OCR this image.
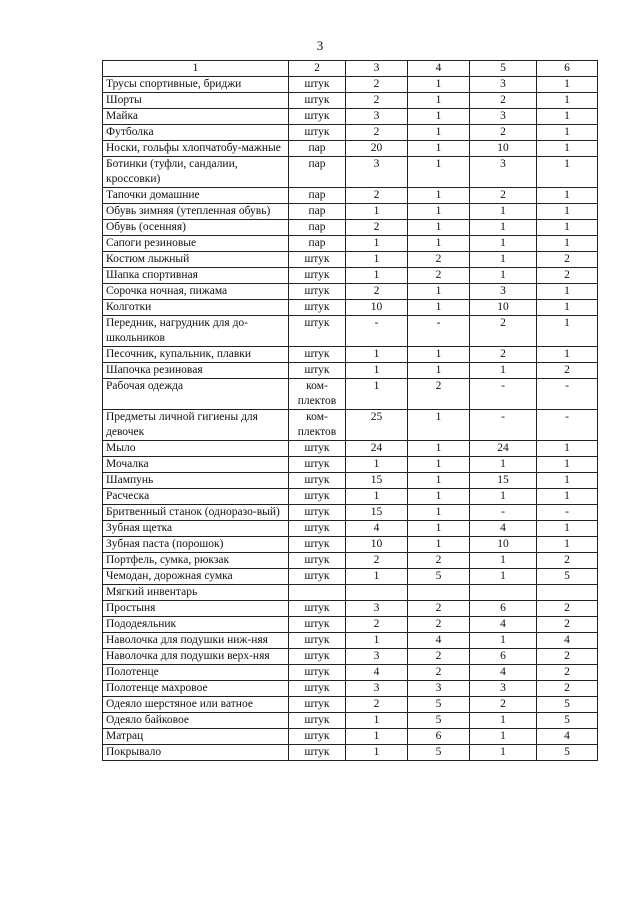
3
1	2	3	4	5	6
Трусы спортивные, бриджи	штук	2	1	3	1
Шорты	штук	2	1	2	1
Майка	штук	3	1	3	1
Футболка	штук	2	1	2	1
Носки, гольфы хлопчатобу-мажные	пар	20	1	10	1
Ботинки (туфли, сандалии, кроссовки)	пар	3	1	3	1
Тапочки домашние	пар	2	1	2	1
Обувь зимняя (утепленная обувь)	пар	1	1	1	1
Обувь (осенняя)	пар	2	1	1	1
Сапоги резиновые	пар	1	1	1	1
Костюм лыжный	штук	1	2	1	2
Шапка спортивная	штук	1	2	1	2
Сорочка ночная, пижама	штук	2	1	3	1
Колготки	штук	10	1	10	1
Передник, нагрудник для до-школьников	штук	-	-	2	1
Песочник, купальник, плавки	штук	1	1	2	1
Шапочка резиновая	штук	1	1	1	2
Рабочая одежда	ком-плектов	1	2	-	-
Предметы личной гигиены для девочек	ком-плектов	25	1	-	-
Мыло	штук	24	1	24	1
Мочалка	штук	1	1	1	1
Шампунь	штук	15	1	15	1
Расческа	штук	1	1	1	1
Бритвенный станок (одноразо-вый)	штук	15	1	-	-
Зубная щетка	штук	4	1	4	1
Зубная паста (порошок)	штук	10	1	10	1
Портфель, сумка, рюкзак	штук	2	2	1	2
Чемодан, дорожная сумка	штук	1	5	1	5
Мягкий инвентарь					
Простыня	штук	3	2	6	2
Пододеяльник	штук	2	2	4	2
Наволочка для подушки ниж-няя	штук	1	4	1	4
Наволочка для подушки верх-няя	штук	3	2	6	2
Полотенце	штук	4	2	4	2
Полотенце махровое	штук	3	3	3	2
Одеяло шерстяное или ватное	штук	2	5	2	5
Одеяло байковое	штук	1	5	1	5
Матрац	штук	1	6	1	4
Покрывало	штук	1	5	1	5
